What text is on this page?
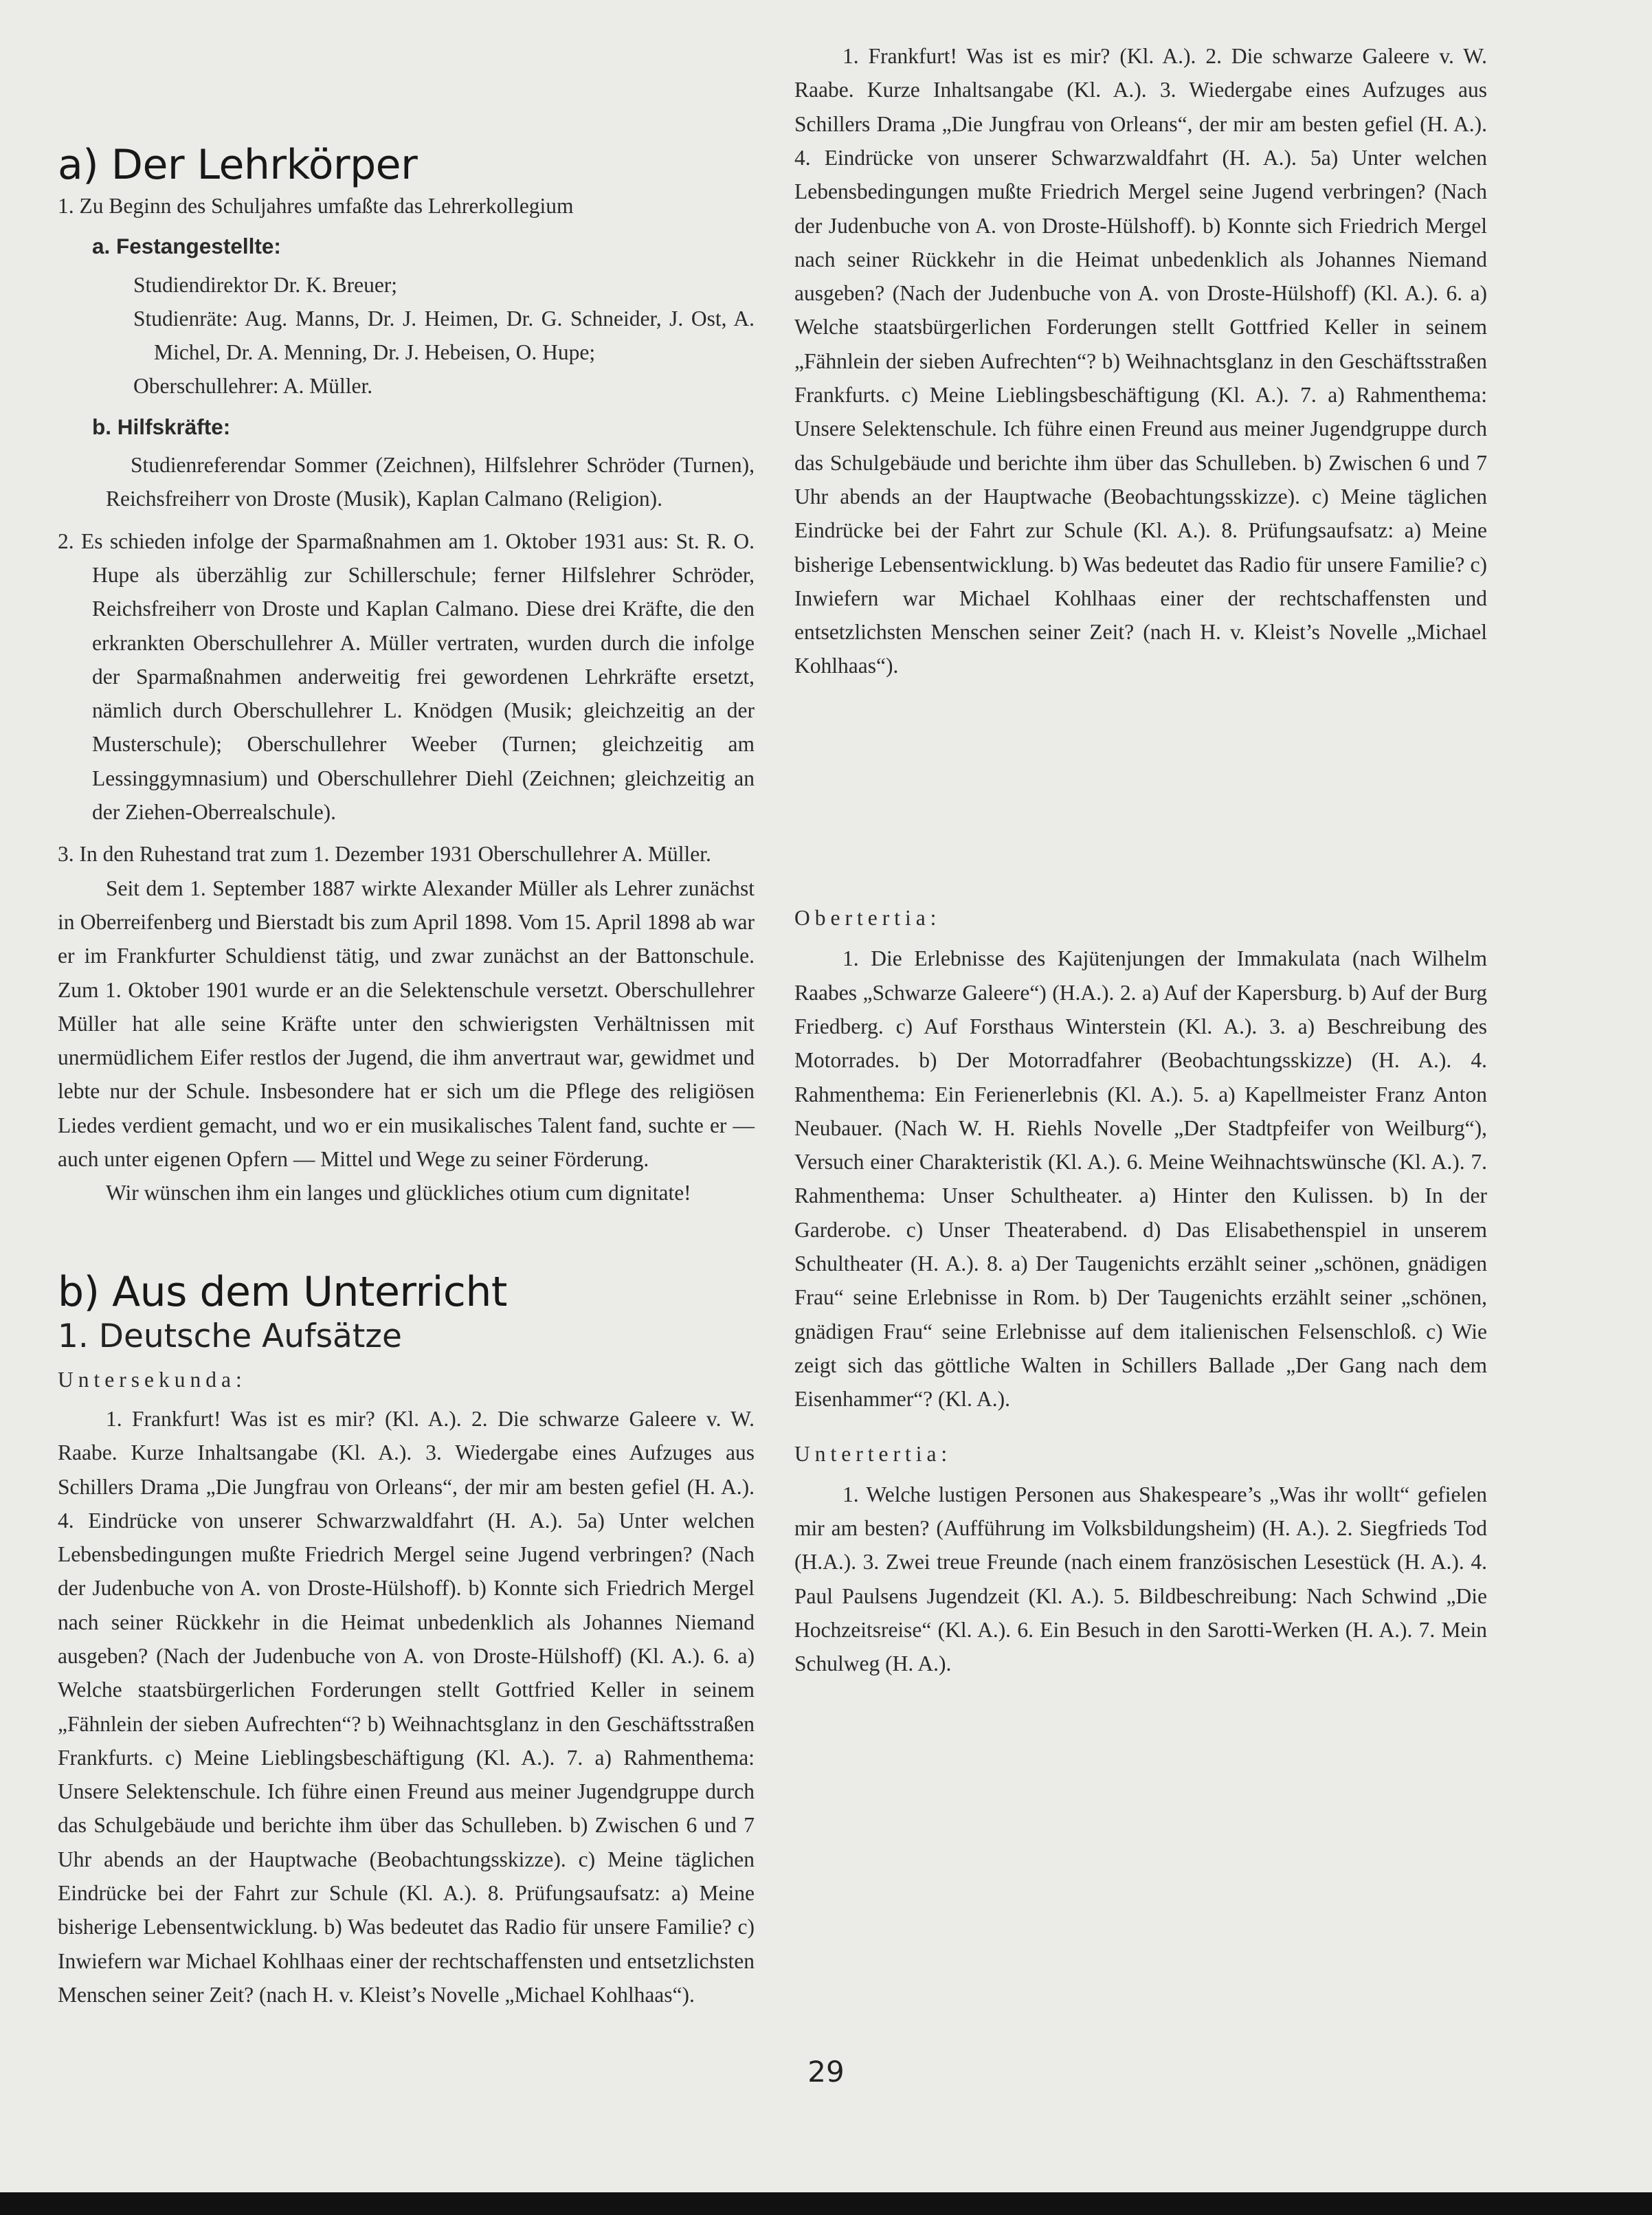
a) Der Lehrkörper

1. Zu Beginn des Schuljahres umfaßte das Lehrerkollegium

a. Festangestellte:

Studiendirektor Dr. K. Breuer;

Studienräte: Aug. Manns, Dr. J. Heimen, Dr. G. Schneider, J. Ost, A. Michel, Dr. A. Menning, Dr. J. Hebeisen, O. Hupe;

Oberschullehrer: A. Müller.

b. Hilfskräfte:

Studienreferendar Sommer (Zeichnen), Hilfslehrer Schröder (Turnen), Reichsfreiherr von Droste (Musik), Kaplan Calmano (Religion).

2. Es schieden infolge der Sparmaßnahmen am 1. Oktober 1931 aus: St. R. O. Hupe als überzählig zur Schillerschule; ferner Hilfslehrer Schröder, Reichsfreiherr von Droste und Kaplan Calmano. Diese drei Kräfte, die den erkrankten Oberschullehrer A. Müller vertraten, wurden durch die infolge der Sparmaßnahmen anderweitig frei gewordenen Lehrkräfte ersetzt, nämlich durch Oberschullehrer L. Knödgen (Musik; gleichzeitig an der Musterschule); Oberschullehrer Weeber (Turnen; gleichzeitig am Lessinggymnasium) und Oberschullehrer Diehl (Zeichnen; gleichzeitig an der Ziehen-Oberrealschule).

3. In den Ruhestand trat zum 1. Dezember 1931 Oberschullehrer A. Müller.

Seit dem 1. September 1887 wirkte Alexander Müller als Lehrer zunächst in Oberreifenberg und Bierstadt bis zum April 1898. Vom 15. April 1898 ab war er im Frankfurter Schuldienst tätig, und zwar zunächst an der Battonschule. Zum 1. Oktober 1901 wurde er an die Selektenschule versetzt. Oberschullehrer Müller hat alle seine Kräfte unter den schwierigsten Verhältnissen mit unermüdlichem Eifer restlos der Jugend, die ihm anvertraut war, gewidmet und lebte nur der Schule. Insbesondere hat er sich um die Pflege des religiösen Liedes verdient gemacht, und wo er ein musikalisches Talent fand, suchte er — auch unter eigenen Opfern — Mittel und Wege zu seiner Förderung.

Wir wünschen ihm ein langes und glückliches otium cum dignitate!

b) Aus dem Unterricht
1. Deutsche Aufsätze

Untersekunda:

1. Frankfurt! Was ist es mir? (Kl. A.). 2. Die schwarze Galeere v. W. Raabe. Kurze Inhaltsangabe (Kl. A.). 3. Wiedergabe eines Aufzuges aus Schillers Drama „Die Jungfrau von Orleans“, der mir am besten gefiel (H. A.). 4. Eindrücke von unserer Schwarzwaldfahrt (H. A.). 5a) Unter welchen Lebensbedingungen mußte Friedrich Mergel seine Jugend verbringen? (Nach der Judenbuche von A. von Droste-Hülshoff). b) Konnte sich Friedrich Mergel nach seiner Rückkehr in die Heimat unbedenklich als Johannes Niemand ausgeben? (Nach der Judenbuche von A. von Droste-Hülshoff) (Kl. A.). 6. a) Welche staatsbürgerlichen Forderungen stellt Gottfried Keller in seinem „Fähnlein der sieben Aufrechten“? b) Weihnachtsglanz in den Geschäftsstraßen Frankfurts. c) Meine Lieblingsbeschäftigung (Kl. A.). 7. a) Rahmenthema: Unsere Selektenschule. Ich führe einen Freund aus meiner Jugendgruppe durch das Schulgebäude und berichte ihm über das Schulleben. b) Zwischen 6 und 7 Uhr abends an der Hauptwache (Beobachtungsskizze). c) Meine täglichen Eindrücke bei der Fahrt zur Schule (Kl. A.). 8. Prüfungsaufsatz: a) Meine bisherige Lebensentwicklung. b) Was bedeutet das Radio für unsere Familie? c) Inwiefern war Michael Kohlhaas einer der rechtschaffensten und entsetzlichsten Menschen seiner Zeit? (nach H. v. Kleist’s Novelle „Michael Kohlhaas“).

1. Frankfurt! Was ist es mir? (Kl. A.). 2. Die schwarze Galeere v. W. Raabe. Kurze Inhaltsangabe (Kl. A.). 3. Wiedergabe eines Aufzuges aus Schillers Drama „Die Jungfrau von Orleans“, der mir am besten gefiel (H. A.). 4. Eindrücke von unserer Schwarzwaldfahrt (H. A.). 5a) Unter welchen Lebensbedingungen mußte Friedrich Mergel seine Jugend verbringen? (Nach der Judenbuche von A. von Droste-Hülshoff). b) Konnte sich Friedrich Mergel nach seiner Rückkehr in die Heimat unbedenklich als Johannes Niemand ausgeben? (Nach der Judenbuche von A. von Droste-Hülshoff) (Kl. A.). 6. a) Welche staatsbürgerlichen Forderungen stellt Gottfried Keller in seinem „Fähnlein der sieben Aufrechten“? b) Weihnachtsglanz in den Geschäftsstraßen Frankfurts. c) Meine Lieblingsbeschäftigung (Kl. A.). 7. a) Rahmenthema: Unsere Selektenschule. Ich führe einen Freund aus meiner Jugendgruppe durch das Schulgebäude und berichte ihm über das Schulleben. b) Zwischen 6 und 7 Uhr abends an der Hauptwache (Beobachtungsskizze). c) Meine täglichen Eindrücke bei der Fahrt zur Schule (Kl. A.). 8. Prüfungsaufsatz: a) Meine bisherige Lebensentwicklung. b) Was bedeutet das Radio für unsere Familie? c) Inwiefern war Michael Kohlhaas einer der rechtschaffensten und entsetzlichsten Menschen seiner Zeit? (nach H. v. Kleist’s Novelle „Michael Kohlhaas“).

Obertertia:

1. Die Erlebnisse des Kajütenjungen der Immakulata (nach Wilhelm Raabes „Schwarze Galeere“) (H.A.). 2. a) Auf der Kapersburg. b) Auf der Burg Friedberg. c) Auf Forsthaus Winterstein (Kl. A.). 3. a) Beschreibung des Motorrades. b) Der Motorradfahrer (Beobachtungsskizze) (H. A.). 4. Rahmenthema: Ein Ferienerlebnis (Kl. A.). 5. a) Kapellmeister Franz Anton Neubauer. (Nach W. H. Riehls Novelle „Der Stadtpfeifer von Weilburg“), Versuch einer Charakteristik (Kl. A.). 6. Meine Weihnachtswünsche (Kl. A.). 7. Rahmenthema: Unser Schultheater. a) Hinter den Kulissen. b) In der Garderobe. c) Unser Theaterabend. d) Das Elisabethenspiel in unserem Schultheater (H. A.). 8. a) Der Taugenichts erzählt seiner „schönen, gnädigen Frau“ seine Erlebnisse in Rom. b) Der Taugenichts erzählt seiner „schönen, gnädigen Frau“ seine Erlebnisse auf dem italienischen Felsenschloß. c) Wie zeigt sich das göttliche Walten in Schillers Ballade „Der Gang nach dem Eisenhammer“? (Kl. A.).

Untertertia:

1. Welche lustigen Personen aus Shakespeare’s „Was ihr wollt“ gefielen mir am besten? (Aufführung im Volksbildungsheim) (H. A.). 2. Siegfrieds Tod (H.A.). 3. Zwei treue Freunde (nach einem französischen Lesestück (H. A.). 4. Paul Paulsens Jugendzeit (Kl. A.). 5. Bildbeschreibung: Nach Schwind „Die Hochzeitsreise“ (Kl. A.). 6. Ein Besuch in den Sarotti-Werken (H. A.). 7. Mein Schulweg (H. A.).

29
